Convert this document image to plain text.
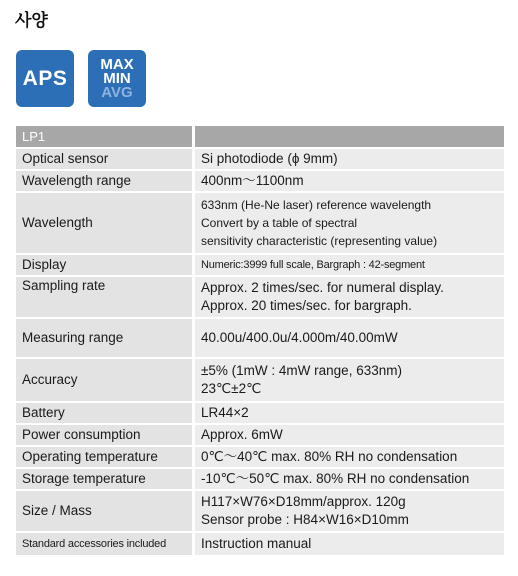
사양
APS
MAX
MIN
AVG
LP1	
Optical sensor	Si photodiode (ϕ 9mm)

Wavelength range	400nm～1100nm

Wavelength	633nm (He-Ne laser) reference wavelength
Convert by a table of spectral
sensitivity characteristic (representing value)

Display	Numeric:3999 full scale, Bargraph : 42-segment

Sampling rate	Approx. 2 times/sec. for numeral display.
Approx. 20 times/sec. for bargraph.

Measuring range	40.00u/400.0u/4.000m/40.00mW

Accuracy	±5% (1mW : 4mW range, 633nm)
23℃±2℃

Battery	LR44×2

Power consumption	Approx. 6mW

Operating temperature	0℃～40℃ max. 80% RH no condensation

Storage temperature	-10℃～50℃ max. 80% RH no condensation

Size / Mass	H117×W76×D18mm/approx. 120g
Sensor probe : H84×W16×D10mm

Standard accessories included	Instruction manual
